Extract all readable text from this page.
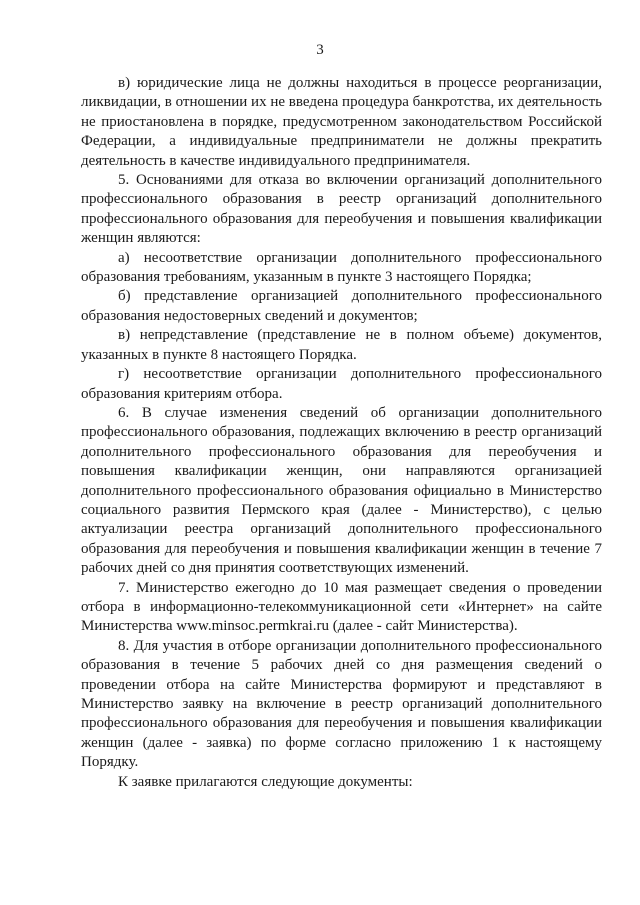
3

в) юридические лица не должны находиться в процессе реорганизации, ликвидации, в отношении их не введена процедура банкротства, их деятельность не приостановлена в порядке, предусмотренном законодательством Российской Федерации, а индивидуальные предприниматели не должны прекратить деятельность в качестве индивидуального предпринимателя.

5. Основаниями для отказа во включении организаций дополнительного профессионального образования в реестр организаций дополнительного профессионального образования для переобучения и повышения квалификации женщин являются:

а) несоответствие организации дополнительного профессионального образования требованиям, указанным в пункте 3 настоящего Порядка;

б) представление организацией дополнительного профессионального образования недостоверных сведений и документов;

в) непредставление (представление не в полном объеме) документов, указанных в пункте 8 настоящего Порядка.

г) несоответствие организации дополнительного профессионального образования критериям отбора.

6. В случае изменения сведений об организации дополнительного профессионального образования, подлежащих включению в реестр организаций дополнительного профессионального образования для переобучения и повышения квалификации женщин, они направляются организацией дополнительного профессионального образования официально в Министерство социального развития Пермского края (далее - Министерство), с целью актуализации реестра организаций дополнительного профессионального образования для переобучения и повышения квалификации женщин в течение 7 рабочих дней со дня принятия соответствующих изменений.

7. Министерство ежегодно до 10 мая размещает сведения о проведении отбора в информационно-телекоммуникационной сети «Интернет» на сайте Министерства www.minsoc.permkrai.ru (далее - сайт Министерства).

8. Для участия в отборе организации дополнительного профессионального образования в течение 5 рабочих дней со дня размещения сведений о проведении отбора на сайте Министерства формируют и представляют в Министерство заявку на включение в реестр организаций дополнительного профессионального образования для переобучения и повышения квалификации женщин (далее - заявка) по форме согласно приложению 1 к настоящему Порядку.

К заявке прилагаются следующие документы:
